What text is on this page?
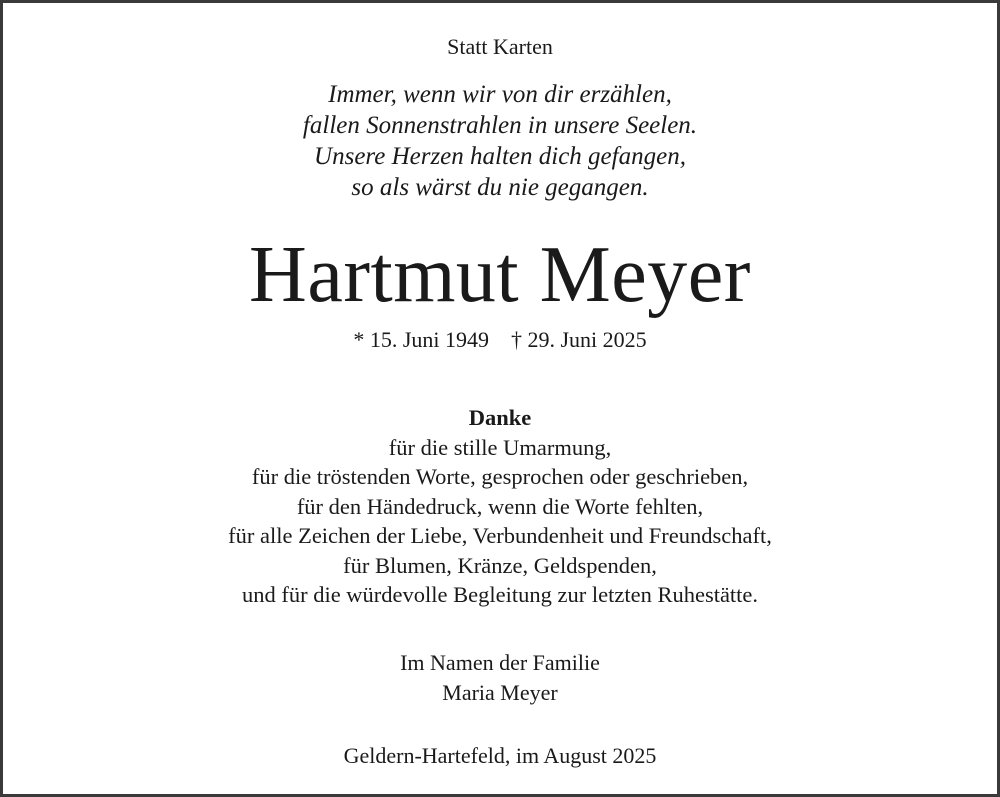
Statt Karten
Immer, wenn wir von dir erzählen,
fallen Sonnenstrahlen in unsere Seelen.
Unsere Herzen halten dich gefangen,
so als wärst du nie gegangen.
Hartmut Meyer
* 15. Juni 1949 † 29. Juni 2025
Danke
für die stille Umarmung,
für die tröstenden Worte, gesprochen oder geschrieben,
für den Händedruck, wenn die Worte fehlten,
für alle Zeichen der Liebe, Verbundenheit und Freundschaft,
für Blumen, Kränze, Geldspenden,
und für die würdevolle Begleitung zur letzten Ruhestätte.
Im Namen der Familie
Maria Meyer
Geldern-Hartefeld, im August 2025
